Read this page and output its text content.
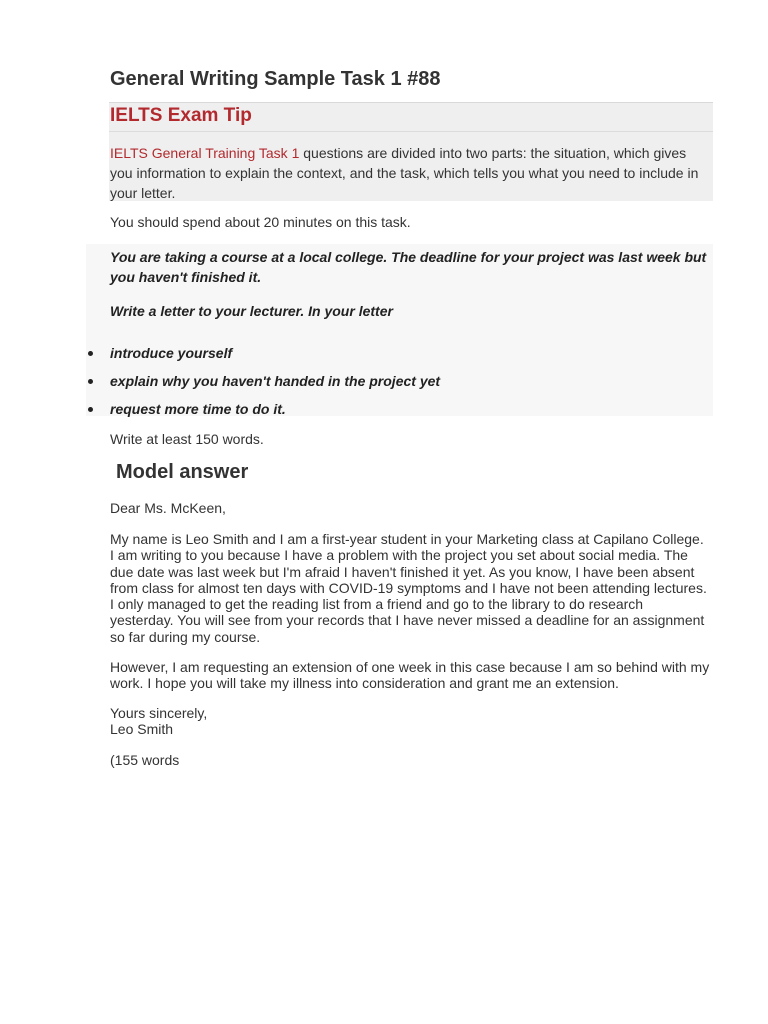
General Writing Sample Task 1 #88
IELTS Exam Tip

IELTS General Training Task 1 questions are divided into two parts: the situation, which gives you information to explain the context, and the task, which tells you what you need to include in your letter.

You should spend about 20 minutes on this task.

You are taking a course at a local college. The deadline for your project was last week but you haven't finished it.

Write a letter to your lecturer. In your letter

introduce yourself

explain why you haven't handed in the project yet

request more time to do it.

Write at least 150 words.

Model answer

Dear Ms. McKeen,

My name is Leo Smith and I am a first-year student in your Marketing class at Capilano College. I am writing to you because I have a problem with the project you set about social media. The due date was last week but I'm afraid I haven't finished it yet. As you know, I have been absent from class for almost ten days with COVID-19 symptoms and I have not been attending lectures. I only managed to get the reading list from a friend and go to the library to do research yesterday. You will see from your records that I have never missed a deadline for an assignment so far during my course.

However, I am requesting an extension of one week in this case because I am so behind with my work. I hope you will take my illness into consideration and grant me an extension.

Yours sincerely,

Leo Smith

(155 words
